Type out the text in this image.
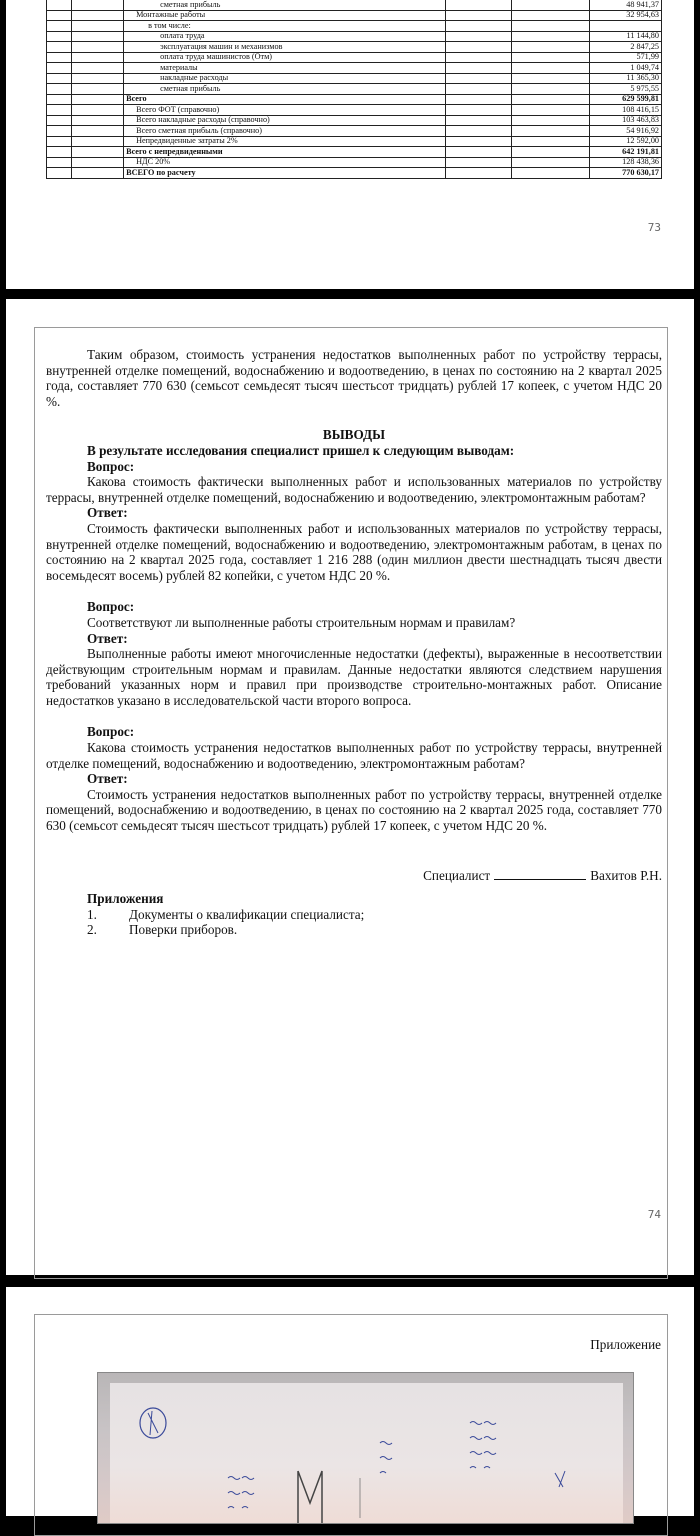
		сметная прибыль			48 941,37
		Монтажные работы			32 954,63
		в том числе:			
		оплата труда			11 144,80
		эксплуатация машин и механизмов			2 847,25
		оплата труда машинистов (Отм)			571,99
		материалы			1 049,74
		накладные расходы			11 365,30
		сметная прибыль			5 975,55
		Всего			629 599,81
		Всего ФОТ (справочно)			108 416,15
		Всего накладные расходы (справочно)			103 463,83
		Всего сметная прибыль (справочно)			54 916,92
		Непредвиденные затраты 2%			12 592,00
		Всего с непредвиденными			642 191,81
		НДС 20%			128 438,36
		ВСЕГО по расчету			770 630,17
73

Таким образом, стоимость устранения недостатков выполненных работ по устройству террасы, внутренней отделке помещений, водоснабжению и водоотведению, в ценах по состоянию на 2 квартал 2025 года, составляет 770 630 (семьсот семьдесят тысяч шестьсот тридцать) рублей 17 копеек, с учетом НДС 20 %.

ВЫВОДЫ

В результате исследования специалист пришел к следующим выводам:

Вопрос:

Какова стоимость фактически выполненных работ и использованных материалов по устройству террасы, внутренней отделке помещений, водоснабжению и водоотведению, электромонтажным работам?

Ответ:

Стоимость фактически выполненных работ и использованных материалов по устройству террасы, внутренней отделке помещений, водоснабжению и водоотведению, электромонтажным работам, в ценах по состоянию на 2 квартал 2025 года, составляет 1 216 288 (один миллион двести шестнадцать тысяч двести восемьдесят восемь) рублей 82 копейки, с учетом НДС 20 %.

Вопрос:

Соответствуют ли выполненные работы строительным нормам и правилам?

Ответ:

Выполненные работы имеют многочисленные недостатки (дефекты), выраженные в несоответствии действующим строительным нормам и правилам. Данные недостатки являются следствием нарушения требований указанных норм и правил при производстве строительно-монтажных работ. Описание недостатков указано в исследовательской части второго вопроса.

Вопрос:

Какова стоимость устранения недостатков выполненных работ по устройству террасы, внутренней отделке помещений, водоснабжению и водоотведению, электромонтажным работам?

Ответ:

Стоимость устранения недостатков выполненных работ по устройству террасы, внутренней отделке помещений, водоснабжению и водоотведению, в ценах по состоянию на 2 квартал 2025 года, составляет 770 630 (семьсот семьдесят тысяч шестьсот тридцать) рублей 17 копеек, с учетом НДС 20 %.

Специалист	Вахитов Р.Н.

Приложения

1. Документы о квалификации специалиста;

2. Поверки приборов.

74
Приложение
